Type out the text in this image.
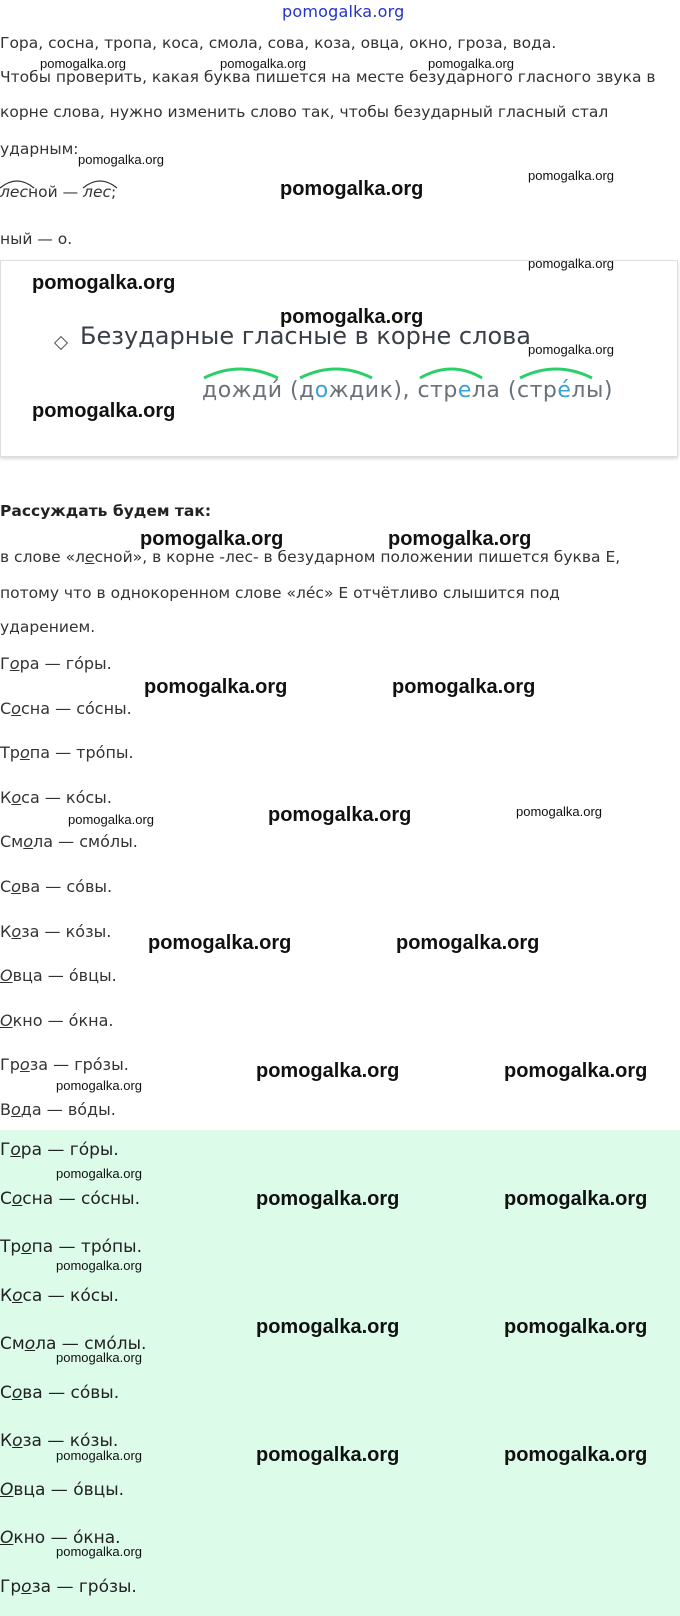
pomogalka.org
Гора, сосна, тропа, коса, смола, сова, коза, овца, окно, гроза, вода.
Чтобы проверить, какая буква пишется на месте безударного гласного звука в
корне слова, нужно изменить слово так, чтобы безударный гласный стал
ударным:
лесной — лес;
ный — о.
Безударные гласные в корне слова
дожди́ (дождик), стрела (стре́лы)
Рассуждать будем так:
в слове «лесной», в корне -лес- в безударном положении пишется буква Е,
потому что в однокоренном слове «ле́с» Е отчётливо слышится под
ударением.
Гора — го́ры.
Сосна — со́сны.
Тропа — тро́пы.
Коса — ко́сы.
Смола — смо́лы.
Сова — со́вы.
Коза — ко́зы.
Овца — о́вцы.
Окно — о́кна.
Гроза — гро́зы.
Вода — во́ды.
Гора — го́ры.
Сосна — со́сны.
Тропа — тро́пы.
Коса — ко́сы.
Смола — смо́лы.
Сова — со́вы.
Коза — ко́зы.
Овца — о́вцы.
Окно — о́кна.
Гроза — гро́зы.
pomogalka.org	pomogalka.org	pomogalka.org
pomogalka.org
pomogalka.org
pomogalka.org
pomogalka.org
pomogalka.org
pomogalka.org
pomogalka.org
pomogalka.org
pomogalka.org	pomogalka.org
pomogalka.org	pomogalka.org
pomogalka.org	pomogalka.org	pomogalka.org
pomogalka.org	pomogalka.org
pomogalka.org	pomogalka.org
pomogalka.org
pomogalka.org
pomogalka.org	pomogalka.org
pomogalka.org
pomogalka.org	pomogalka.org
pomogalka.org
pomogalka.org	pomogalka.org
pomogalka.org
pomogalka.org
